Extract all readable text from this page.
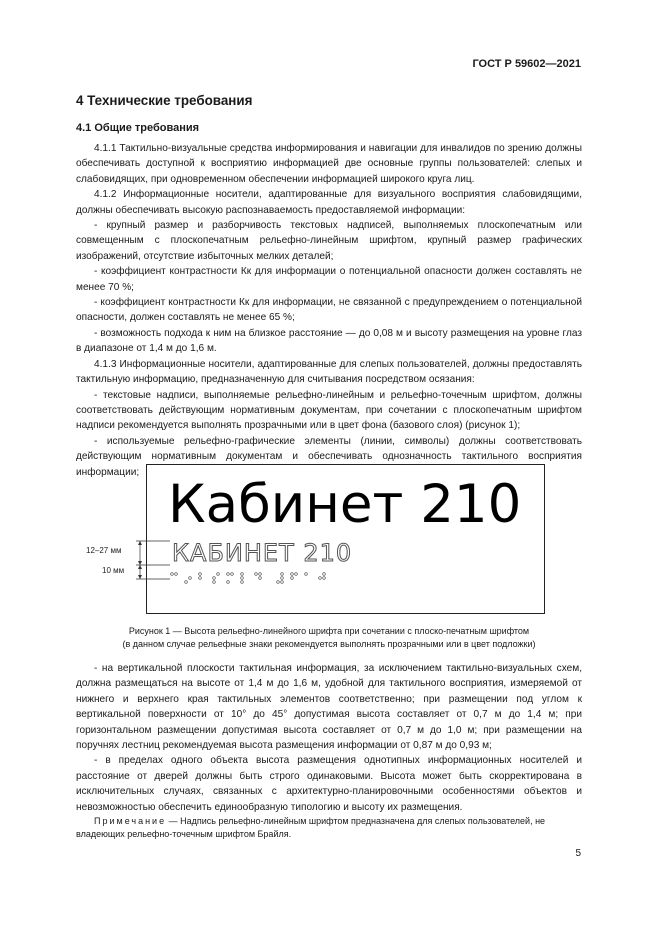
ГОСТ Р 59602—2021
4 Технические требования
4.1 Общие требования

4.1.1 Тактильно-визуальные средства информирования и навигации для инвалидов по зрению должны обеспечивать доступной к восприятию информацией две основные группы пользователей: слепых и слабовидящих, при одновременном обеспечении информацией широкого круга лиц.

4.1.2 Информационные носители, адаптированные для визуального восприятия слабовидящими, должны обеспечивать высокую распознаваемость предоставляемой информации:

- крупный размер и разборчивость текстовых надписей, выполняемых плоскопечатным или совмещенным с плоскопечатным рельефно-линейным шрифтом, крупный размер графических изображений, отсутствие избыточных мелких деталей;

- коэффициент контрастности Кк для информации о потенциальной опасности должен составлять не менее 70 %;

- коэффициент контрастности Кк для информации, не связанной с предупреждением о потенциальной опасности, должен составлять не менее 65 %;

- возможность подхода к ним на близкое расстояние — до 0,08 м и высоту размещения на уровне глаз в диапазоне от 1,4 м до 1,6 м.

4.1.3 Информационные носители, адаптированные для слепых пользователей, должны предоставлять тактильную информацию, предназначенную для считывания посредством осязания:

- текстовые надписи, выполняемые рельефно-линейным и рельефно-точечным шрифтом, должны соответствовать действующим нормативным документам, при сочетании с плоскопечатным шрифтом надписи рекомендуется выполнять прозрачными или в цвет фона (базового слоя) (рисунок 1);

- используемые рельефно-графические элементы (линии, символы) должны соответствовать действующим нормативным документам и обеспечивать однозначность тактильного восприятия информации;

Кабинет 210
КАБИНЕТ 210
12–27 мм
10 мм
Рисунок 1 — Высота рельефно-линейного шрифта при сочетании с плоско-печатным шрифтом
(в данном случае рельефные знаки рекомендуется выполнять прозрачными или в цвет подложки)

- на вертикальной плоскости тактильная информация, за исключением тактильно-визуальных схем, должна размещаться на высоте от 1,4 м до 1,6 м, удобной для тактильного восприятия, измеряемой от нижнего и верхнего края тактильных элементов соответственно; при размещении под углом к вертикальной поверхности от 10° до 45° допустимая высота составляет от 0,7 м до 1,4 м; при горизонтальном размещении допустимая высота составляет от 0,7 м до 1,0 м; при размещении на поручнях лестниц рекомендуемая высота размещения информации от 0,87 м до 0,93 м;

- в пределах одного объекта высота размещения однотипных информационных носителей и расстояние от дверей должны быть строго одинаковыми. Высота может быть скорректирована в исключительных случаях, связанных с архитектурно-планировочными особенностями объектов и невозможностью обеспечить единообразную типологию и высоту их размещения.

Примечание — Надпись рельефно-линейным шрифтом предназначена для слепых пользователей, не владеющих рельефно-точечным шрифтом Брайля.
5
